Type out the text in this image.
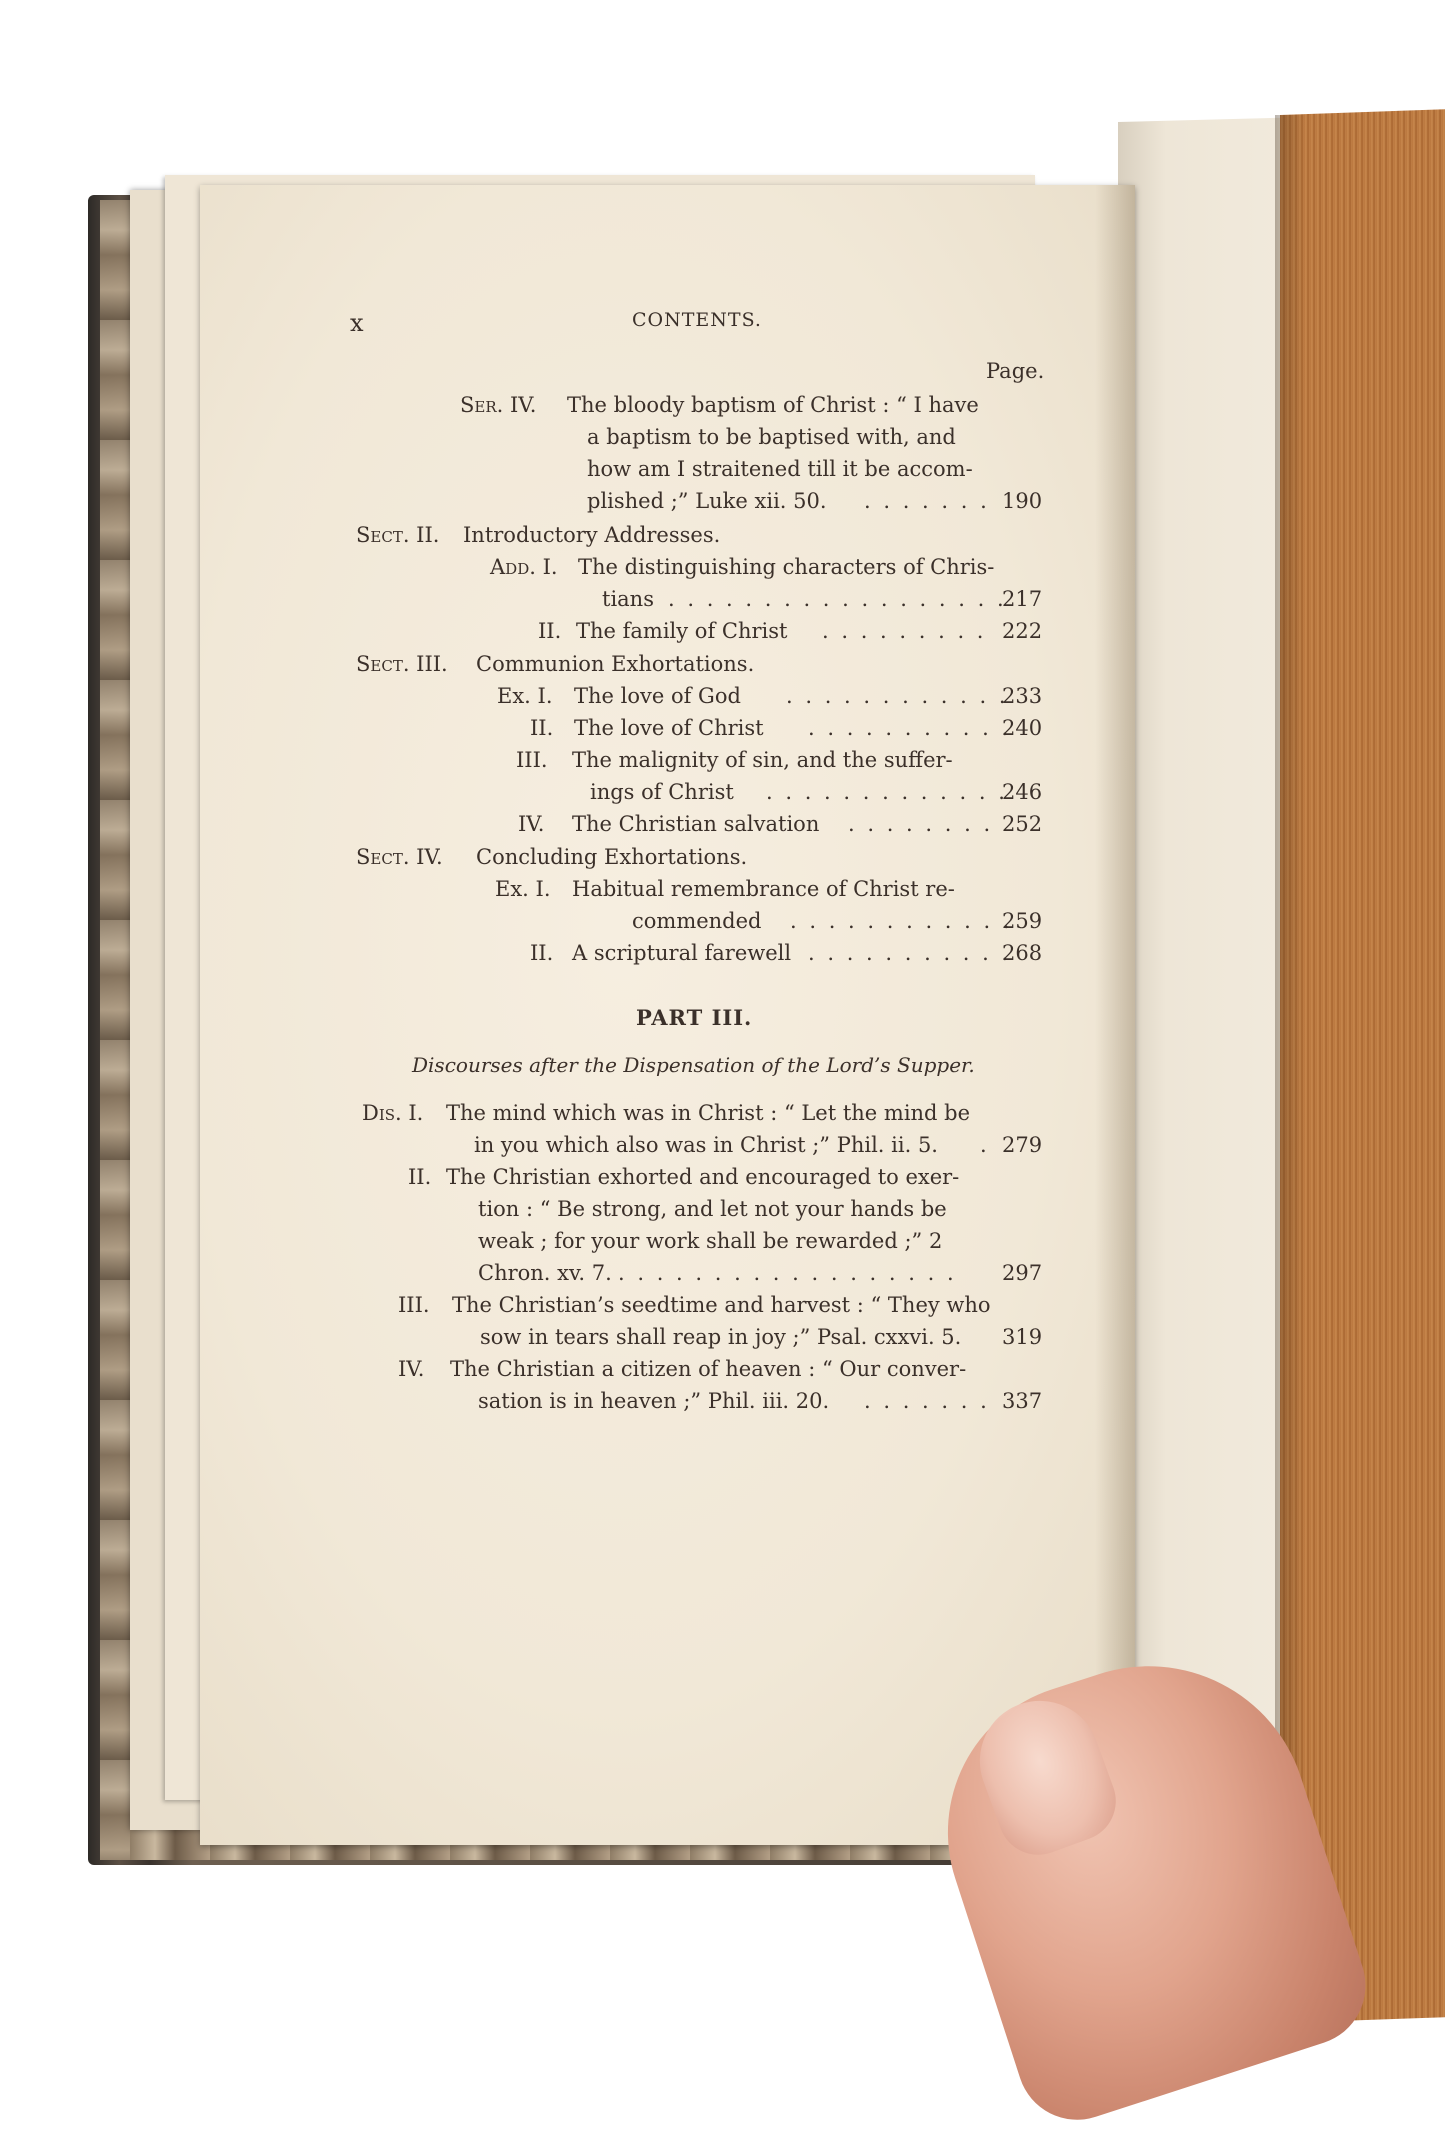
x	CONTENTS.
Page.
Ser. IV. The bloody baptism of Christ : “ I have
a baptism to be baptised with, and
how am I straitened till it be accom-
plished ;” Luke xii. 50. . . . . . . . 190
Sect. II. Introductory Addresses.
Add. I. The distinguishing characters of Chris-
tians . . . . . . . . . . . . . . . . . .
217
II. The family of Christ . . . . . . . . . 222
Sect. III. Communion Exhortations.
Ex. I. The love of God . . . . . . . . . . . .
233
II. The love of Christ . . . . . . . . . . .
240
III. The malignity of sin, and the suffer-
ings of Christ . . . . . . . . . . . . .
246
IV. The Christian salvation . . . . . . . . 252
Sect. IV. Concluding Exhortations.
Ex. I. Habitual remembrance of Christ re-
commended . . . . . . . . . . . .
259
II. A scriptural farewell . . . . . . . . . . .
268
PART III.
Discourses after the Dispensation of the Lord’s Supper.
Dis. I. The mind which was in Christ : “ Let the mind be
in you which also was in Christ ;” Phil. ii. 5. . 279
II. The Christian exhorted and encouraged to exer-
tion : “ Be strong, and let not your hands be
weak ; for your work shall be rewarded ;” 2
Chron. xv. 7. . . . . . . . . . . . . . . . . . . 297
III. The Christian’s seedtime and harvest : “ They who
sow in tears shall reap in joy ;” Psal. cxxvi. 5. 319
IV. The Christian a citizen of heaven : “ Our conver-
sation is in heaven ;” Phil. iii. 20. . . . . . . . 337
